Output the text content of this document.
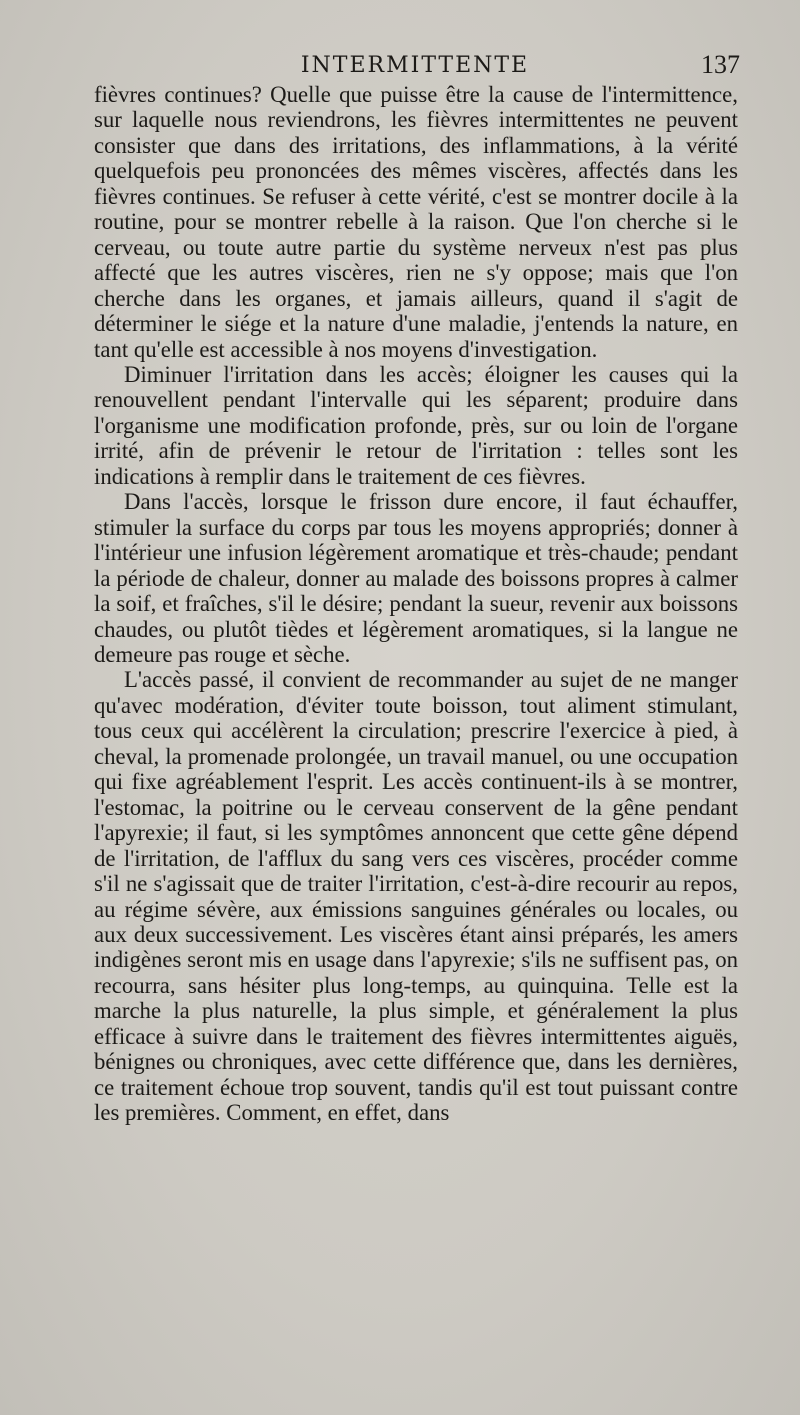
INTERMITTENTE	137

fièvres continues? Quelle que puisse être la cause de l'intermittence, sur laquelle nous reviendrons, les fièvres intermittentes ne peuvent consister que dans des irritations, des inflammations, à la vérité quelquefois peu prononcées des mêmes viscères, affectés dans les fièvres continues. Se refuser à cette vérité, c'est se montrer docile à la routine, pour se montrer rebelle à la raison. Que l'on cherche si le cerveau, ou toute autre partie du système nerveux n'est pas plus affecté que les autres viscères, rien ne s'y oppose; mais que l'on cherche dans les organes, et jamais ailleurs, quand il s'agit de déterminer le siége et la nature d'une maladie, j'entends la nature, en tant qu'elle est accessible à nos moyens d'investigation.

Diminuer l'irritation dans les accès; éloigner les causes qui la renouvellent pendant l'intervalle qui les séparent; produire dans l'organisme une modification profonde, près, sur ou loin de l'organe irrité, afin de prévenir le retour de l'irritation : telles sont les indications à remplir dans le traitement de ces fièvres.

Dans l'accès, lorsque le frisson dure encore, il faut échauffer, stimuler la surface du corps par tous les moyens appropriés; donner à l'intérieur une infusion légèrement aromatique et très-chaude; pendant la période de chaleur, donner au malade des boissons propres à calmer la soif, et fraîches, s'il le désire; pendant la sueur, revenir aux boissons chaudes, ou plutôt tièdes et légèrement aromatiques, si la langue ne demeure pas rouge et sèche.

L'accès passé, il convient de recommander au sujet de ne manger qu'avec modération, d'éviter toute boisson, tout aliment stimulant, tous ceux qui accélèrent la circulation; prescrire l'exercice à pied, à cheval, la promenade prolongée, un travail manuel, ou une occupation qui fixe agréablement l'esprit. Les accès continuent-ils à se montrer, l'estomac, la poitrine ou le cerveau conservent de la gêne pendant l'apyrexie; il faut, si les symptômes annoncent que cette gêne dépend de l'irritation, de l'afflux du sang vers ces viscères, procéder comme s'il ne s'agissait que de traiter l'irritation, c'est-à-dire recourir au repos, au régime sévère, aux émissions sanguines générales ou locales, ou aux deux successivement. Les viscères étant ainsi préparés, les amers indigènes seront mis en usage dans l'apyrexie; s'ils ne suffisent pas, on recourra, sans hésiter plus long-temps, au quinquina. Telle est la marche la plus naturelle, la plus simple, et généralement la plus efficace à suivre dans le traitement des fièvres intermittentes aiguës, bénignes ou chroniques, avec cette différence que, dans les dernières, ce traitement échoue trop souvent, tandis qu'il est tout puissant contre les premières. Comment, en effet, dans
